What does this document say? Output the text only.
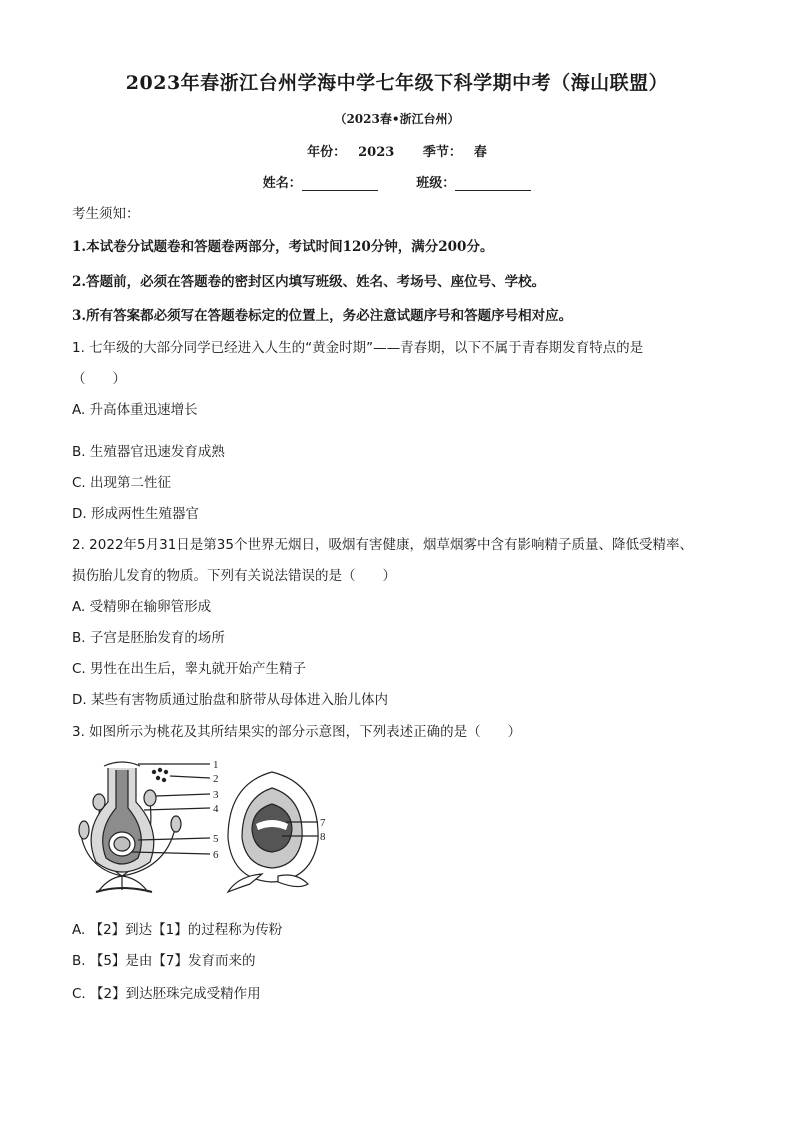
2023年春浙江台州学海中学七年级下科学期中考（海山联盟）
（2023春•浙江台州）
年份： 2023 季节： 春
姓名：	班级：
考生须知：
1.本试卷分试题卷和答题卷两部分，考试时间120分钟，满分200分。
2.答题前，必须在答题卷的密封区内填写班级、姓名、考场号、座位号、学校。
3.所有答案都必须写在答题卷标定的位置上，务必注意试题序号和答题序号相对应。
1. 七年级的大部分同学已经进入人生的“黄金时期”——青春期，以下不属于青春期发育特点的是
（　　）
A. 升高体重迅速增长
B. 生殖器官迅速发育成熟
C. 出现第二性征
D. 形成两性生殖器官
2. 2022年5月31日是第35个世界无烟日，吸烟有害健康，烟草烟雾中含有影响精子质量、降低受精率、
损伤胎儿发育的物质。下列有关说法错误的是（　　）
A. 受精卵在输卵管形成
B. 子宫是胚胎发育的场所
C. 男性在出生后，睾丸就开始产生精子
D. 某些有害物质通过胎盘和脐带从母体进入胎儿体内
3. 如图所示为桃花及其所结果实的部分示意图，下列表述正确的是（　　）
1
2
3
4
5
6
7
8
A. 【2】到达【1】的过程称为传粉
B. 【5】是由【7】发育而来的
C. 【2】到达胚珠完成受精作用
